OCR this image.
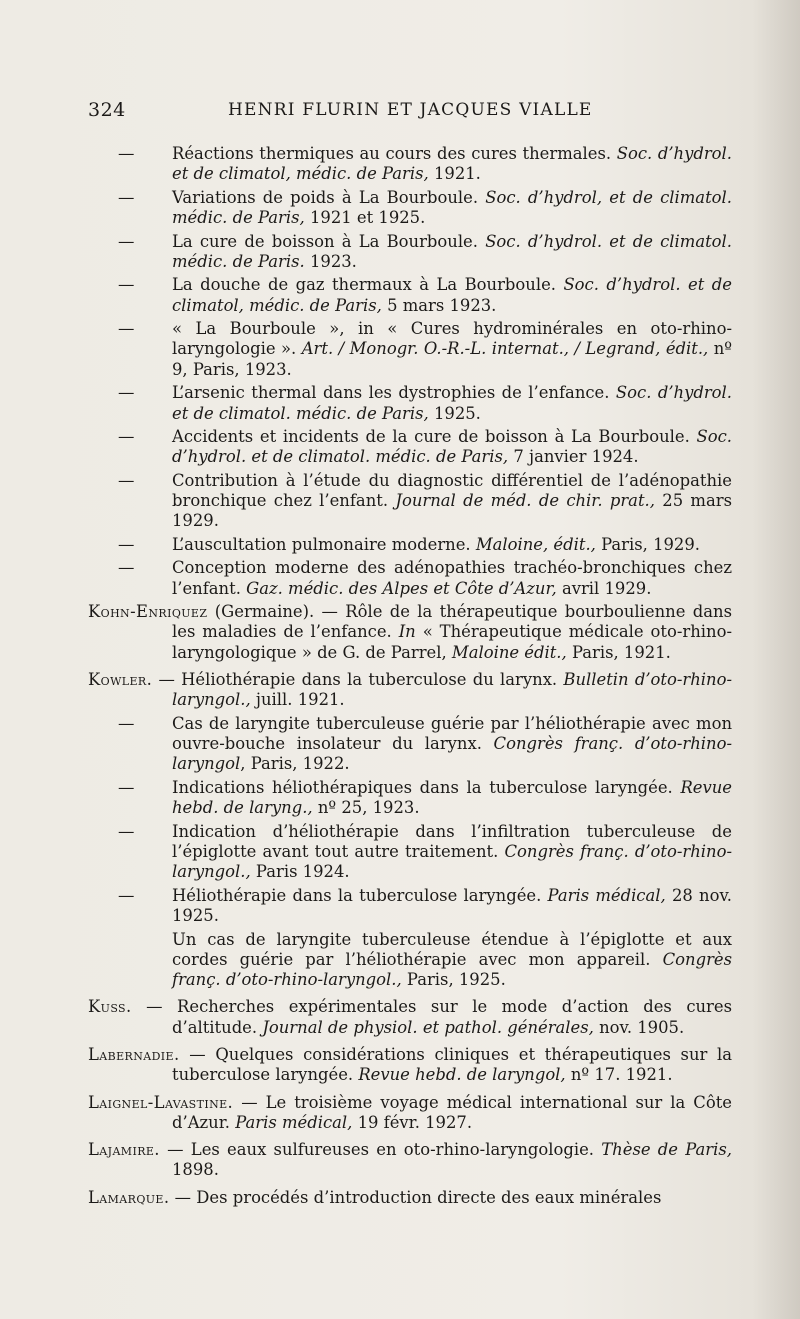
324	HENRI FLURIN ET JACQUES VIALLE
— Réactions thermiques au cours des cures thermales. Soc. d’hydrol. et de climatol, médic. de Paris, 1921.
— Variations de poids à La Bourboule. Soc. d’hydrol, et de climatol. médic. de Paris, 1921 et 1925.
— La cure de boisson à La Bourboule. Soc. d’hydrol. et de climatol. médic. de Paris. 1923.
— La douche de gaz thermaux à La Bourboule. Soc. d’hydrol. et de climatol, médic. de Paris, 5 mars 1923.
— « La Bourboule », in « Cures hydrominérales en oto-rhino-laryngologie ». Art. / Monogr. O.-R.-L. internat., / Legrand, édit., nº 9, Paris, 1923.
— L’arsenic thermal dans les dystrophies de l’enfance. Soc. d’hydrol. et de climatol. médic. de Paris, 1925.
— Accidents et incidents de la cure de boisson à La Bourboule. Soc. d’hydrol. et de climatol. médic. de Paris, 7 janvier 1924.
— Contribution à l’étude du diagnostic différentiel de l’adénopathie bronchique chez l’enfant. Journal de méd. de chir. prat., 25 mars 1929.
— L’auscultation pulmonaire moderne. Maloine, édit., Paris, 1929.
— Conception moderne des adénopathies trachéo-bronchiques chez l’enfant. Gaz. médic. des Alpes et Côte d’Azur, avril 1929.
Kohn-Enriquez (Germaine). — Rôle de la thérapeutique bourboulienne dans les maladies de l’enfance. In « Thérapeutique médicale oto-rhino-laryngologique » de G. de Parrel, Maloine édit., Paris, 1921.
Kowler. — Héliothérapie dans la tuberculose du larynx. Bulletin d’oto-rhino-laryngol., juill. 1921.
— Cas de laryngite tuberculeuse guérie par l’héliothérapie avec mon ouvre-bouche insolateur du larynx. Congrès franç. d’oto-rhino-laryngol, Paris, 1922.
— Indications héliothérapiques dans la tuberculose laryngée. Revue hebd. de laryng., nº 25, 1923.
— Indication d’héliothérapie dans l’infiltration tuberculeuse de l’épiglotte avant tout autre traitement. Congrès franç. d’oto-rhino-laryngol., Paris 1924.
— Héliothérapie dans la tuberculose laryngée. Paris médical, 28 nov. 1925.
Un cas de laryngite tuberculeuse étendue à l’épiglotte et aux cordes guérie par l’héliothérapie avec mon appareil. Congrès franç. d’oto-rhino-laryngol., Paris, 1925.
Kuss. — Recherches expérimentales sur le mode d’action des cures d’altitude. Journal de physiol. et pathol. générales, nov. 1905.
Labernadie. — Quelques considérations cliniques et thérapeutiques sur la tuberculose laryngée. Revue hebd. de laryngol, nº 17. 1921.
Laignel-Lavastine. — Le troisième voyage médical international sur la Côte d’Azur. Paris médical, 19 févr. 1927.
Lajamire. — Les eaux sulfureuses en oto-rhino-laryngologie. Thèse de Paris, 1898.
Lamarque. — Des procédés d’introduction directe des eaux minérales
